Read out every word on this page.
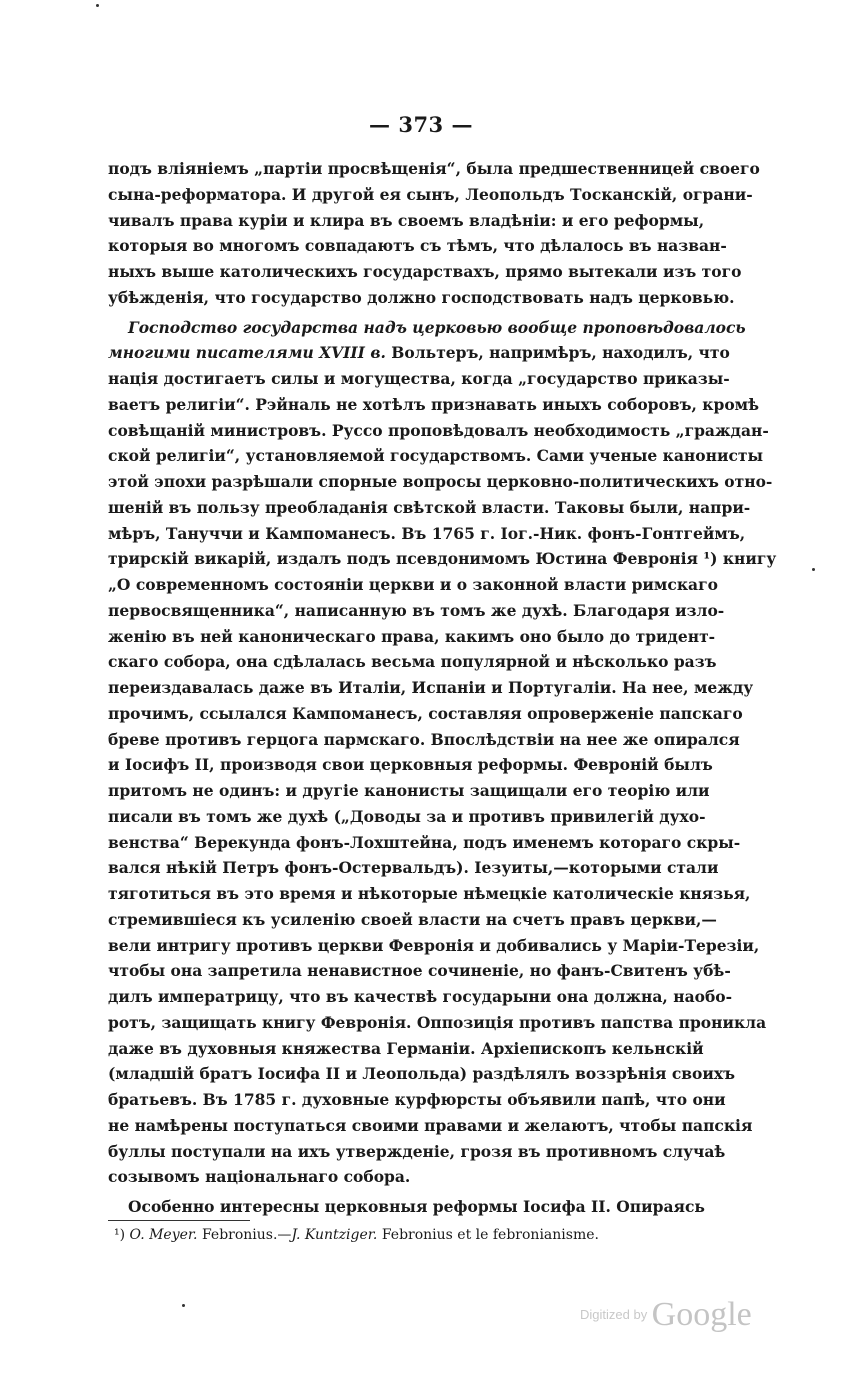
— 373 —
подъ вліяніемъ „партіи просвѣщенія“, была предшественницей своего
сына-реформатора. И другой ея сынъ, Леопольдъ Тосканскій, ограни-
чивалъ права куріи и клира въ своемъ владѣніи: и его реформы,
которыя во многомъ совпадаютъ съ тѣмъ, что дѣлалось въ назван-
ныхъ выше католическихъ государствахъ, прямо вытекали изъ того
убѣжденія, что государство должно господствовать надъ церковью.
Господство государства надъ церковью вообще проповѣдовалось
многими писателями XVIII в. Вольтеръ, напримѣръ, находилъ, что
нація достигаетъ силы и могущества, когда „государство приказы-
ваетъ религіи“. Рэйналь не хотѣлъ признавать иныхъ соборовъ, кромѣ
совѣщаній министровъ. Руссо проповѣдовалъ необходимость „граждан-
ской религіи“, установляемой государствомъ. Сами ученые канонисты
этой эпохи разрѣшали спорные вопросы церковно-политическихъ отно-
шеній въ пользу преобладанія свѣтской власти. Таковы были, напри-
мѣръ, Тануччи и Кампоманесъ. Въ 1765 г. Іог.-Ник. фонъ-Гонтгеймъ,
трирскій викарій, издалъ подъ псевдонимомъ Юстина Февронія ¹) книгу
„О современномъ состояніи церкви и о законной власти римскаго
первосвященника“, написанную въ томъ же духѣ. Благодаря изло-
женію въ ней каноническаго права, какимъ оно было до тридент-
скаго собора, она сдѣлалась весьма популярной и нѣсколько разъ
переиздавалась даже въ Италіи, Испаніи и Португаліи. На нее, между
прочимъ, ссылался Кампоманесъ, составляя опроверженіе папскаго
бреве противъ герцога пармскаго. Впослѣдствіи на нее же опирался
и Іосифъ II, производя свои церковныя реформы. Февроній былъ
притомъ не одинъ: и другіе канонисты защищали его теорію или
писали въ томъ же духѣ („Доводы за и противъ привилегій духо-
венства“ Верекунда фонъ-Лохштейна, подъ именемъ котораго скры-
вался нѣкій Петръ фонъ-Остервальдъ). Іезуиты,—которыми стали
тяготиться въ это время и нѣкоторые нѣмецкіе католическіе князья,
стремившіеся къ усиленію своей власти на счетъ правъ церкви,—
вели интригу противъ церкви Февронія и добивались у Маріи-Терезіи,
чтобы она запретила ненавистное сочиненіе, но фанъ-Свитенъ убѣ-
дилъ императрицу, что въ качествѣ государыни она должна, наобо-
ротъ, защищать книгу Февронія. Оппозиція противъ папства проникла
даже въ духовныя княжества Германіи. Архіепископъ кельнскій
(младшій братъ Іосифа II и Леопольда) раздѣлялъ воззрѣнія своихъ
братьевъ. Въ 1785 г. духовные курфюрсты объявили папѣ, что они
не намѣрены поступаться своими правами и желаютъ, чтобы папскія
буллы поступали на ихъ утвержденіе, грозя въ противномъ случаѣ
созывомъ національнаго собора.
Особенно интересны церковныя реформы Іосифа II. Опираясь
¹) O. Meyer. Febronius.—J. Kuntziger. Febronius et le febronianisme.
$^{Digitized by}$ Google
